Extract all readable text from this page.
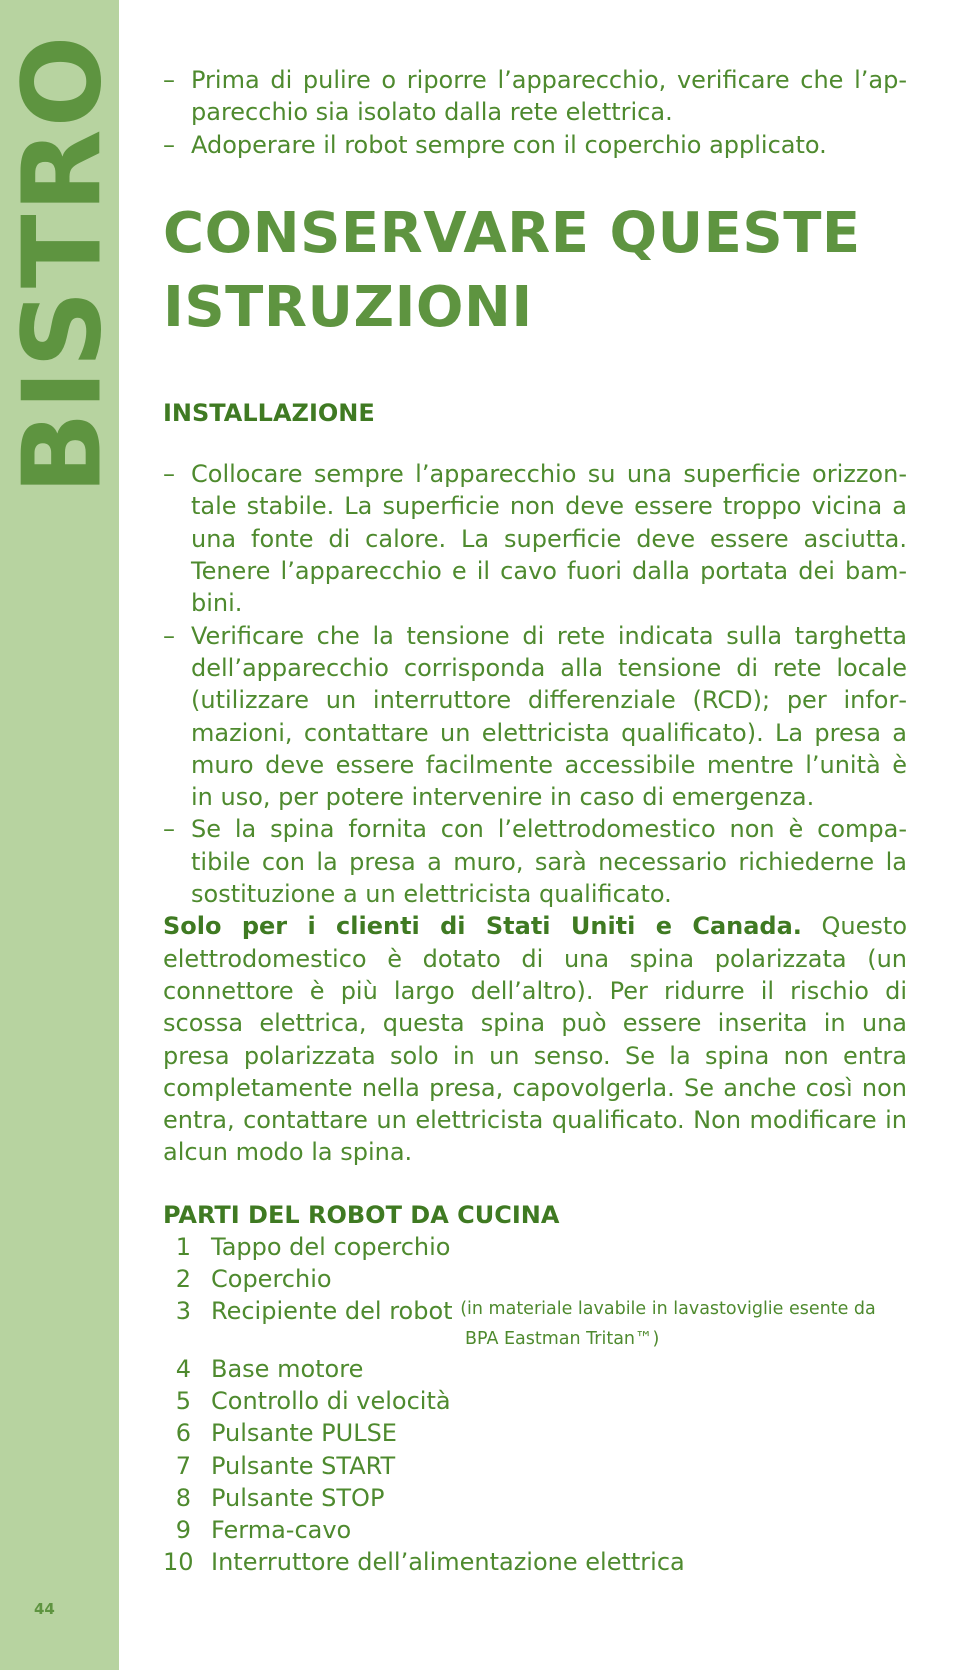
BISTRO
44
– Prima di pulire o riporre l’apparecchio, verificare che l’apparecchio sia isolato dalla rete elettrica.
– Adoperare il robot sempre con il coperchio applicato.
CONSERVARE QUESTE
ISTRUZIONI
INSTALLAZIONE
– Collocare sempre l’apparecchio su una superficie orizzontale stabile. La superficie non deve essere troppo vicina a una fonte di calore. La superficie deve essere asciutta. Tenere l’apparecchio e il cavo fuori dalla portata dei bambini.
– Verificare che la tensione di rete indicata sulla targhetta dell’apparecchio corrisponda alla tensione di rete locale (utilizzare un interruttore differenziale (RCD); per informazioni, contattare un elettricista qualificato). La presa a muro deve essere facilmente accessibile mentre l’unità è in uso, per potere intervenire in caso di emergenza.
– Se la spina fornita con l’elettrodomestico non è compatibile con la presa a muro, sarà necessario richiederne la sostituzione a un elettricista qualificato.

Solo per i clienti di Stati Uniti e Canada. Questo elettrodomestico è dotato di una spina polarizzata (un connettore è più largo dell’altro). Per ridurre il rischio di scossa elettrica, questa spina può essere inserita in una presa polarizzata solo in un senso. Se la spina non entra completamente nella presa, capovolgerla. Se anche così non entra, contattare un elettricista qualificato. Non modificare in alcun modo la spina.

PARTI DEL ROBOT DA CUCINA
1 Tappo del coperchio
2 Coperchio
3 Recipiente del robot (in materiale lavabile in lavastoviglie esente da
BPA Eastman Tritan™)
4 Base motore
5 Controllo di velocità
6 Pulsante PULSE
7 Pulsante START
8 Pulsante STOP
9 Ferma-cavo
10 Interruttore dell’alimentazione elettrica
